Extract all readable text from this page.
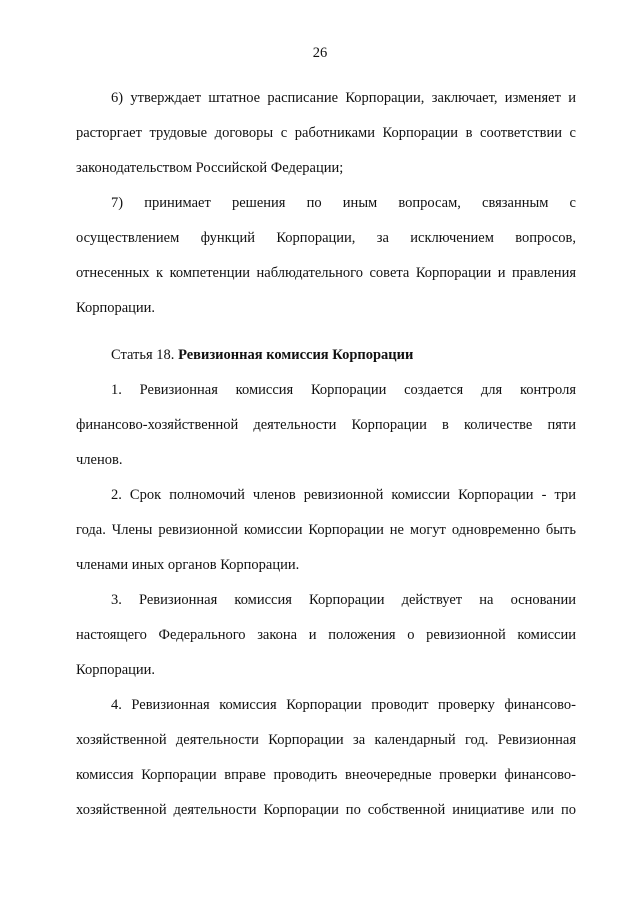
26
6) утверждает штатное расписание Корпорации, заключает, изменяет и
расторгает трудовые договоры с работниками Корпорации в соответствии с
законодательством Российской Федерации;
7) принимает решения по иным вопросам, связанным с
осуществлением функций Корпорации, за исключением вопросов,
отнесенных к компетенции наблюдательного совета Корпорации и правления
Корпорации.
Статья 18. Ревизионная комиссия Корпорации
1. Ревизионная комиссия Корпорации создается для контроля
финансово-хозяйственной деятельности Корпорации в количестве пяти
членов.
2. Срок полномочий членов ревизионной комиссии Корпорации - три
года. Члены ревизионной комиссии Корпорации не могут одновременно быть
членами иных органов Корпорации.
3. Ревизионная комиссия Корпорации действует на основании
настоящего Федерального закона и положения о ревизионной комиссии
Корпорации.
4. Ревизионная комиссия Корпорации проводит проверку финансово-
хозяйственной деятельности Корпорации за календарный год. Ревизионная
комиссия Корпорации вправе проводить внеочередные проверки финансово-
хозяйственной деятельности Корпорации по собственной инициативе или по
